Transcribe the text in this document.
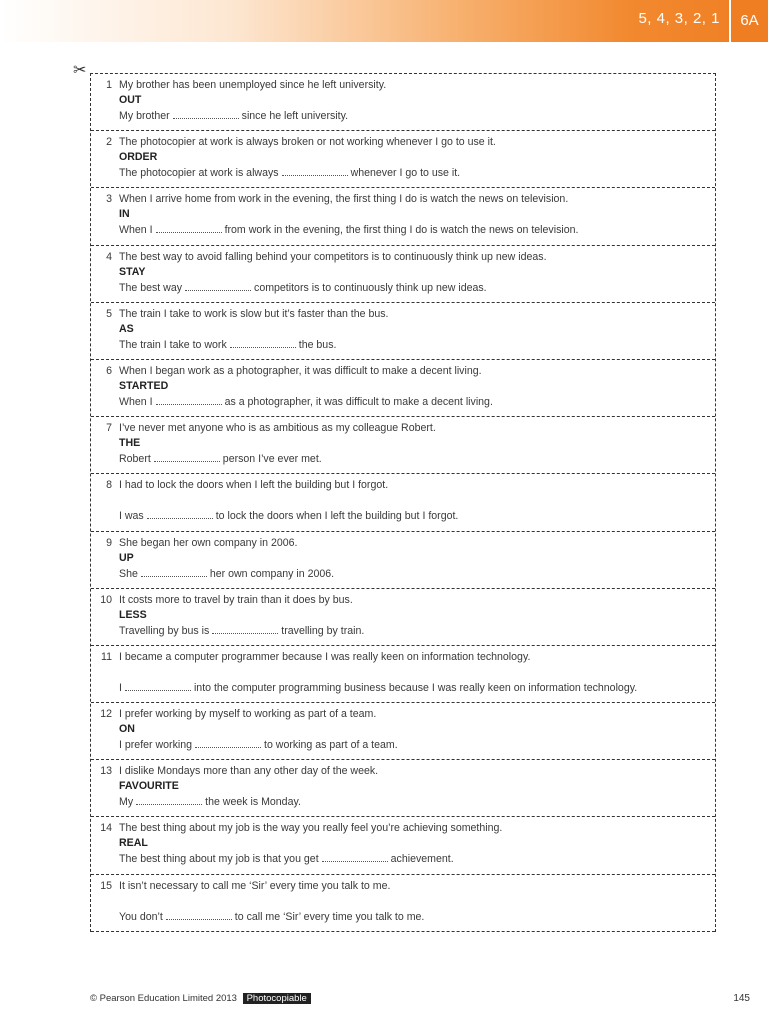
5, 4, 3, 2, 1	6A
✂
1 My brother has been unemployed since he left university.
OUT
My brother	since he left university.
2 The photocopier at work is always broken or not working whenever I go to use it.
ORDER
The photocopier at work is always	whenever I go to use it.
3 When I arrive home from work in the evening, the first thing I do is watch the news on television.
IN
When I	from work in the evening, the first thing I do is watch the news on television.
4 The best way to avoid falling behind your competitors is to continuously think up new ideas.
STAY
The best way	competitors is to continuously think up new ideas.
5 The train I take to work is slow but it’s faster than the bus.
AS
The train I take to work	the bus.
6 When I began work as a photographer, it was difficult to make a decent living.
STARTED
When I	as a photographer, it was difficult to make a decent living.
7 I’ve never met anyone who is as ambitious as my colleague Robert.
THE
Robert	person I’ve ever met.
8 I had to lock the doors when I left the building but I forgot.
I was	to lock the doors when I left the building but I forgot.
9 She began her own company in 2006.
UP
She	her own company in 2006.
10 It costs more to travel by train than it does by bus.
LESS
Travelling by bus is	travelling by train.
11 I became a computer programmer because I was really keen on information technology.
I	into the computer programming business because I was really keen on information technology.
12 I prefer working by myself to working as part of a team.
ON
I prefer working	to working as part of a team.
13 I dislike Mondays more than any other day of the week.
FAVOURITE
My	the week is Monday.
14 The best thing about my job is the way you really feel you’re achieving something.
REAL
The best thing about my job is that you get	achievement.
15 It isn’t necessary to call me ‘Sir’ every time you talk to me.
You don’t	to call me ‘Sir’ every time you talk to me.
© Pearson Education Limited 2013 Photocopiable	145
